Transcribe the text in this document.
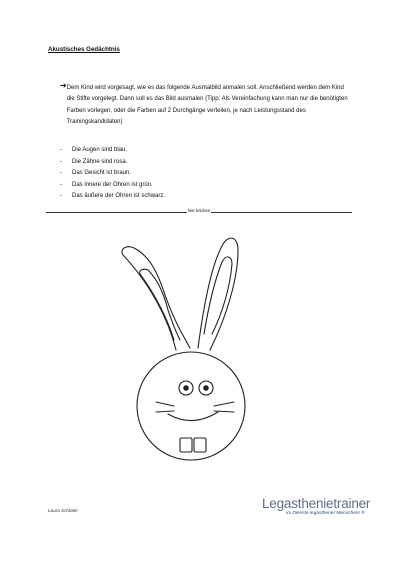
Akustisches Gedächtnis
➔ Dem Kind wird vorgesagt, wie es das folgende Ausmalbild anmalen soll. Anschließend werden dem Kind die Stifte vorgelegt. Dann soll es das Bild ausmalen (Tipp: Als Vereinfachung kann man nur die benötigten Farben vorlegen, oder die Farben auf 2 Durchgänge verteilen, je nach Leistungsstand des Trainingskandidaten)
-	Die Augen sind blau.
-	Die Zähne sind rosa.
-	Das Gesicht ist braun.
-	Das innere der Ohren ist grün.
-	Das äußere der Ohren ist schwarz.
hier knicken
Laura Schlüter	Legasthenietrainer
im Dienste legasthener Menschen! ®
